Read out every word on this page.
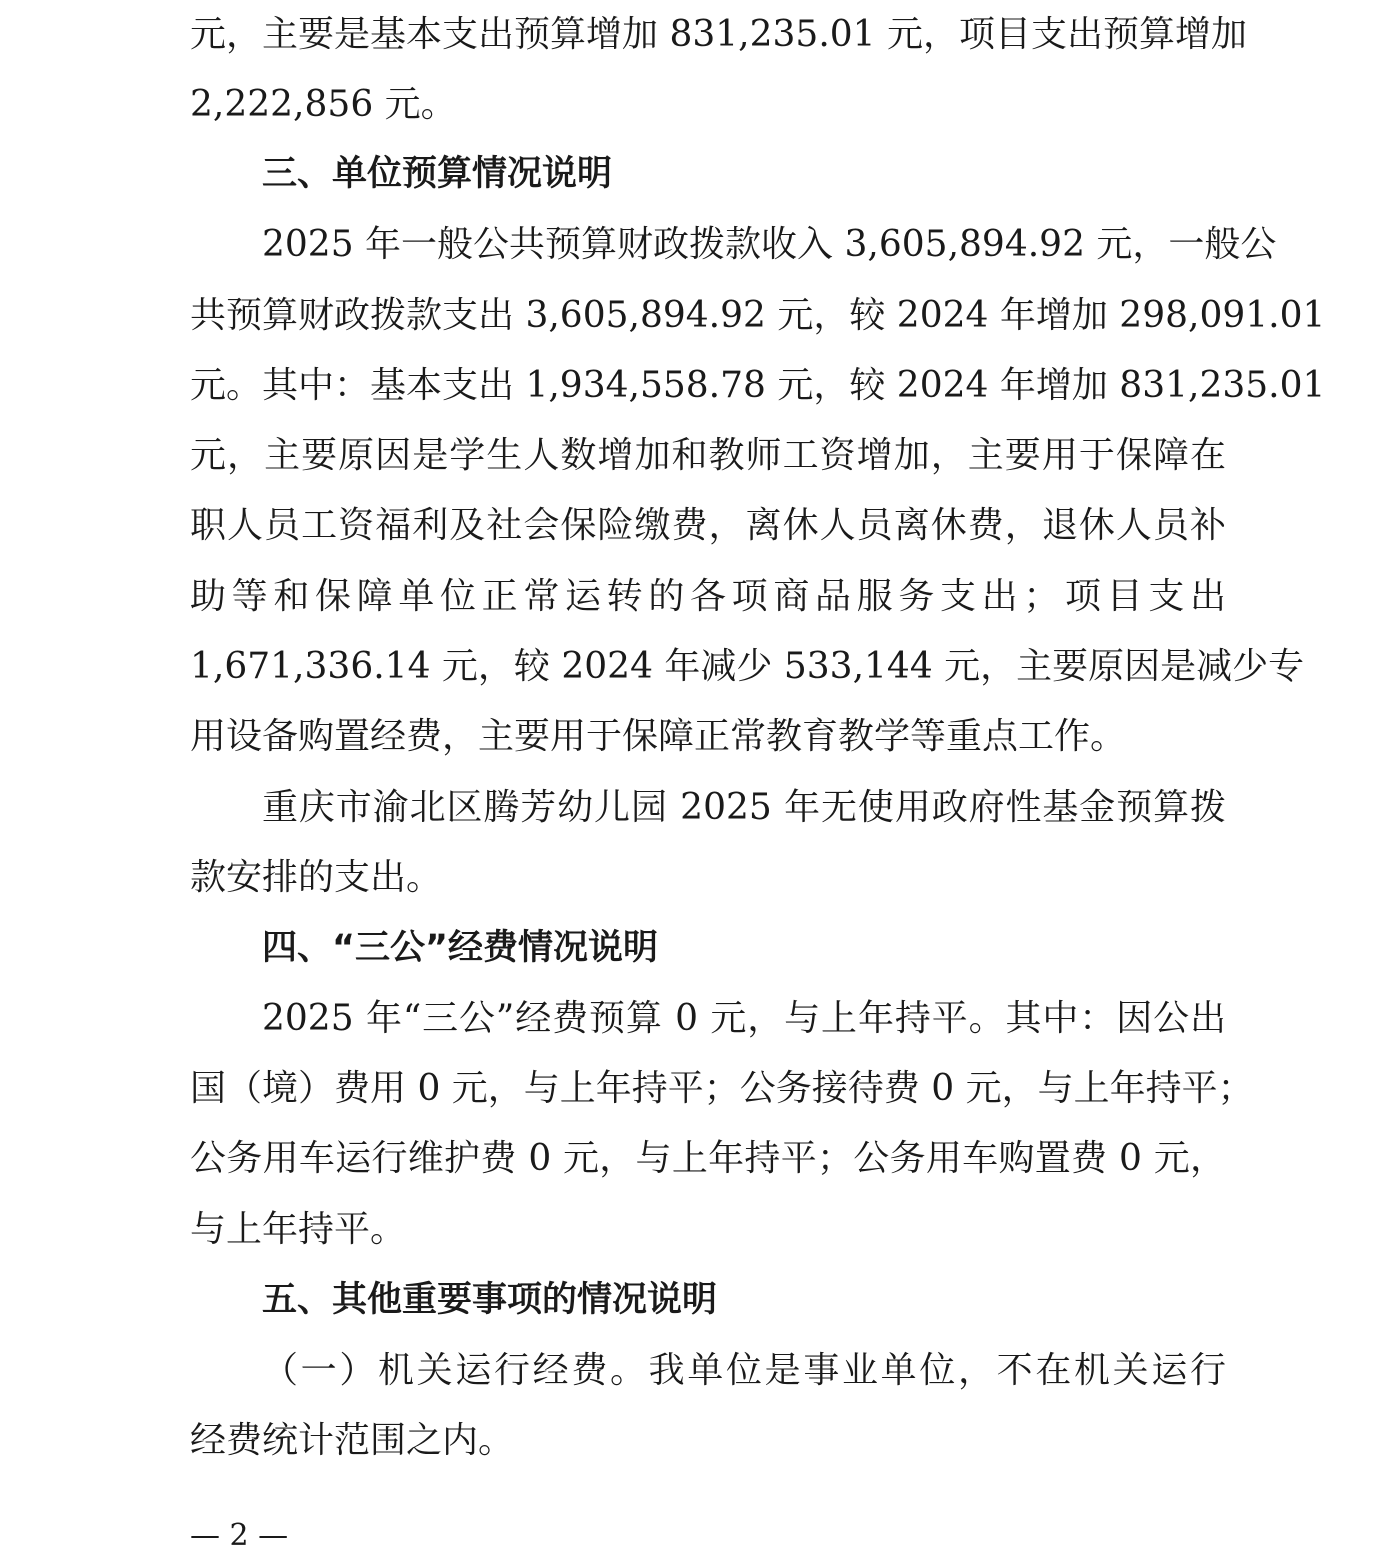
元，主要是基本支出预算增加 831,235.01 元，项目支出预算增加
2,222,856 元。
三、单位预算情况说明
2025 年一般公共预算财政拨款收入 3,605,894.92 元，一般公
共预算财政拨款支出 3,605,894.92 元，较 2024 年增加 298,091.01
元。其中：基本支出 1,934,558.78 元，较 2024 年增加 831,235.01
元，主要原因是学生人数增加和教师工资增加，主要用于保障在
职人员工资福利及社会保险缴费，离休人员离休费，退休人员补
助等和保障单位正常运转的各项商品服务支出；项目支出
1,671,336.14 元，较 2024 年减少 533,144 元，主要原因是减少专
用设备购置经费，主要用于保障正常教育教学等重点工作。
重庆市渝北区腾芳幼儿园 2025 年无使用政府性基金预算拨
款安排的支出。
四、“三公”经费情况说明
2025 年“三公”经费预算 0 元，与上年持平。其中：因公出
国（境）费用 0 元，与上年持平；公务接待费 0 元，与上年持平；
公务用车运行维护费 0 元，与上年持平；公务用车购置费 0 元，
与上年持平。
五、其他重要事项的情况说明
（一）机关运行经费。我单位是事业单位，不在机关运行
经费统计范围之内。
— 2 —
